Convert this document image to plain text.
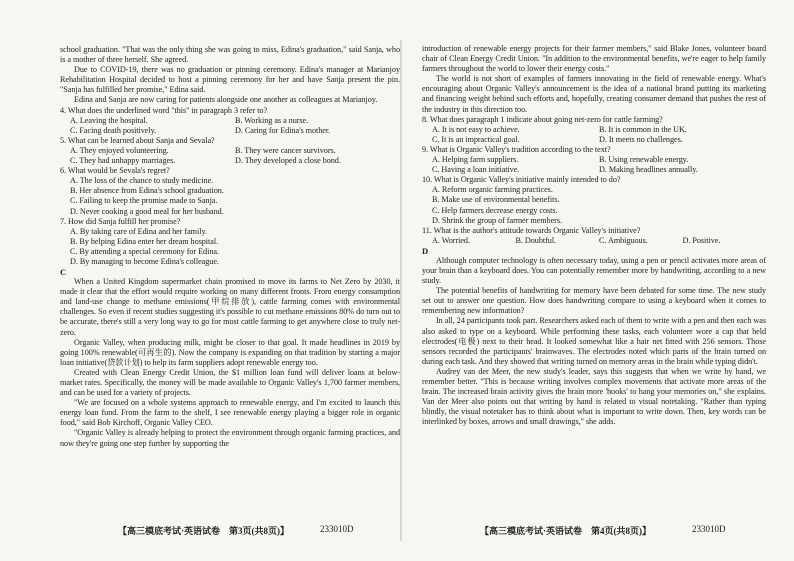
school graduation. "That was the only thing she was going to miss, Edina's graduation," said Sanja, who is a mother of three herself. She agreed.

Due to COVID-19, there was no graduation or pinning ceremony. Edina's manager at Marianjoy Rehabilitation Hospital decided to host a pinning ceremony for her and have Sanja present the pin. "Sanja has fulfilled her promise," Edina said.

Edina and Sanja are now caring for patients alongside one another as colleagues at Marianjoy.

4. What does the underlined word "this" in paragraph 3 refer to?

A. Leaving the hospital.	B. Working as a nurse.
C. Facing death positively.	D. Caring for Edina's mother.

5. What can be learned about Sanja and Sevala?

A. They enjoyed volunteering.	B. They were cancer survivors.
C. They had unhappy marriages.	D. They developed a close bond.

6. What would be Sevala's regret?

A. The loss of the chance to study medicine.

B. Her absence from Edina's school graduation.

C. Failing to keep the promise made to Sanja.

D. Never cooking a good meal for her husband.

7. How did Sanja fulfill her promise?

A. By taking care of Edina and her family.

B. By helping Edina enter her dream hospital.

C. By attending a special ceremony for Edina.

D. By managing to become Edina's colleague.

C

When a United Kingdom supermarket chain promised to move its farms to Net Zero by 2030, it made it clear that the effort would require working on many different fronts. From energy consumption and land-use change to methane emissions(甲烷排放), cattle farming comes with environmental challenges. So even if recent studies suggesting it's possible to cut methane emissions 80% do turn out to be accurate, there's still a very long way to go for most cattle farming to get anywhere close to truly net-zero.

Organic Valley, when producing milk, might be closer to that goal. It made headlines in 2019 by going 100% renewable(可再生的). Now the company is expanding on that tradition by starting a major loan initiative(贷款计划) to help its farm suppliers adopt renewable energy too.

Created with Clean Energy Credit Union, the $1 million loan fund will deliver loans at below-market rates. Specifically, the money will be made available to Organic Valley's 1,700 farmer members, and can be used for a variety of projects.

"We are focused on a whole systems approach to renewable energy, and I'm excited to launch this energy loan fund. From the farm to the shelf, I see renewable energy playing a bigger role in organic food," said Bob Kirchoff, Organic Valley CEO.

"Organic Valley is already helping to protect the environment through organic farming practices, and now they're going one step further by supporting the

【高三模底考试·英语试卷　第3页(共8页)】	233010D

introduction of renewable energy projects for their farmer members," said Blake Jones, volunteer board chair of Clean Energy Credit Union. "In addition to the environmental benefits, we're eager to help family farmers throughout the world to lower their energy costs."

The world is not short of examples of farmers innovating in the field of renewable energy. What's encouraging about Organic Valley's announcement is the idea of a national brand putting its marketing and financing weight behind such efforts and, hopefully, creating consumer demand that pushes the rest of the industry in this direction too.

8. What does paragraph 1 indicate about going net-zero for cattle farming?

A. It is not easy to achieve.	B. It is common in the UK.
C. It is an impractical goal.	D. It meets no challenges.

9. What is Organic Valley's tradition according to the text?

A. Helping farm suppliers.	B. Using renewable energy.
C. Having a loan initiative.	D. Making headlines annually.

10. What is Organic Valley's initiative mainly intended to do?

A. Reform organic farming practices.

B. Make use of environmental benefits.

C. Help farmers decrease energy costs.

D. Shrink the group of farmer members.

11. What is the author's attitude towards Organic Valley's initiative?

A. Worried.	B. Doubtful.	C. Ambiguous.	D. Positive.

D

Although computer technology is often necessary today, using a pen or pencil activates more areas of your brain than a keyboard does. You can potentially remember more by handwriting, according to a new study.

The potential benefits of handwriting for memory have been debated for some time. The new study set out to answer one question. How does handwriting compare to using a keyboard when it comes to remembering new information?

In all, 24 participants took part. Researchers asked each of them to write with a pen and then each was also asked to type on a keyboard. While performing these tasks, each volunteer wore a cap that held electrodes(电极) next to their head. It looked somewhat like a hair net fitted with 256 sensors. Those sensors recorded the participants' brainwaves. The electrodes noted which parts of the brain turned on during each task. And they showed that writing turned on memory areas in the brain while typing didn't.

Audrey van der Meer, the new study's leader, says this suggests that when we write by hand, we remember better. "This is because writing involves complex movements that activate more areas of the brain. The increased brain activity gives the brain more 'hooks' to hang your memories on," she explains. Van der Meer also points out that writing by hand is related to visual notetaking. "Rather than typing blindly, the visual notetaker has to think about what is important to write down. Then, key words can be interlinked by boxes, arrows and small drawings," she adds.

【高三模底考试·英语试卷　第4页(共8页)】	233010D
